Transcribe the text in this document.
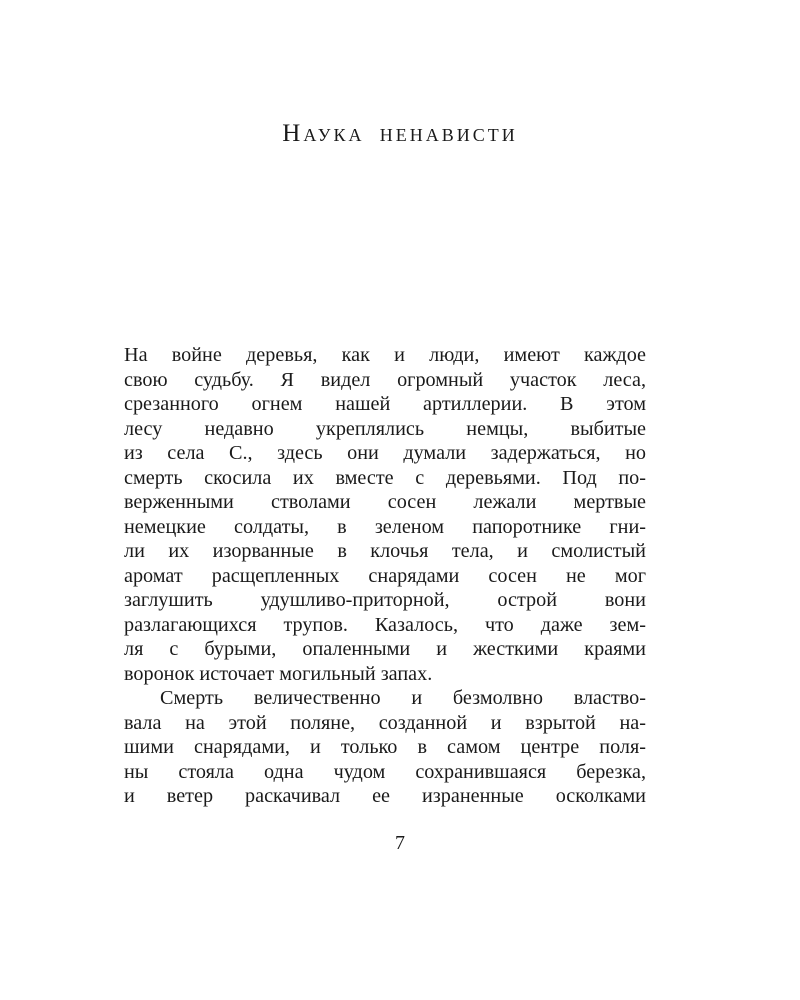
Наука ненависти
На войне деревья, как и люди, имеют каждое
свою судьбу. Я видел огромный участок леса,
срезанного огнем нашей артиллерии. В этом
лесу недавно укреплялись немцы, выбитые
из села С., здесь они думали задержаться, но
смерть скосила их вместе с деревьями. Под по-
верженными стволами сосен лежали мертвые
немецкие солдаты, в зеленом папоротнике гни-
ли их изорванные в клочья тела, и смолистый
аромат расщепленных снарядами сосен не мог
заглушить удушливо-приторной, острой вони
разлагающихся трупов. Казалось, что даже зем-
ля с бурыми, опаленными и жесткими краями
воронок источает могильный запах.
Смерть величественно и безмолвно властво-
вала на этой поляне, созданной и взрытой на-
шими снарядами, и только в самом центре поля-
ны стояла одна чудом сохранившаяся березка,
и ветер раскачивал ее израненные осколками
7
